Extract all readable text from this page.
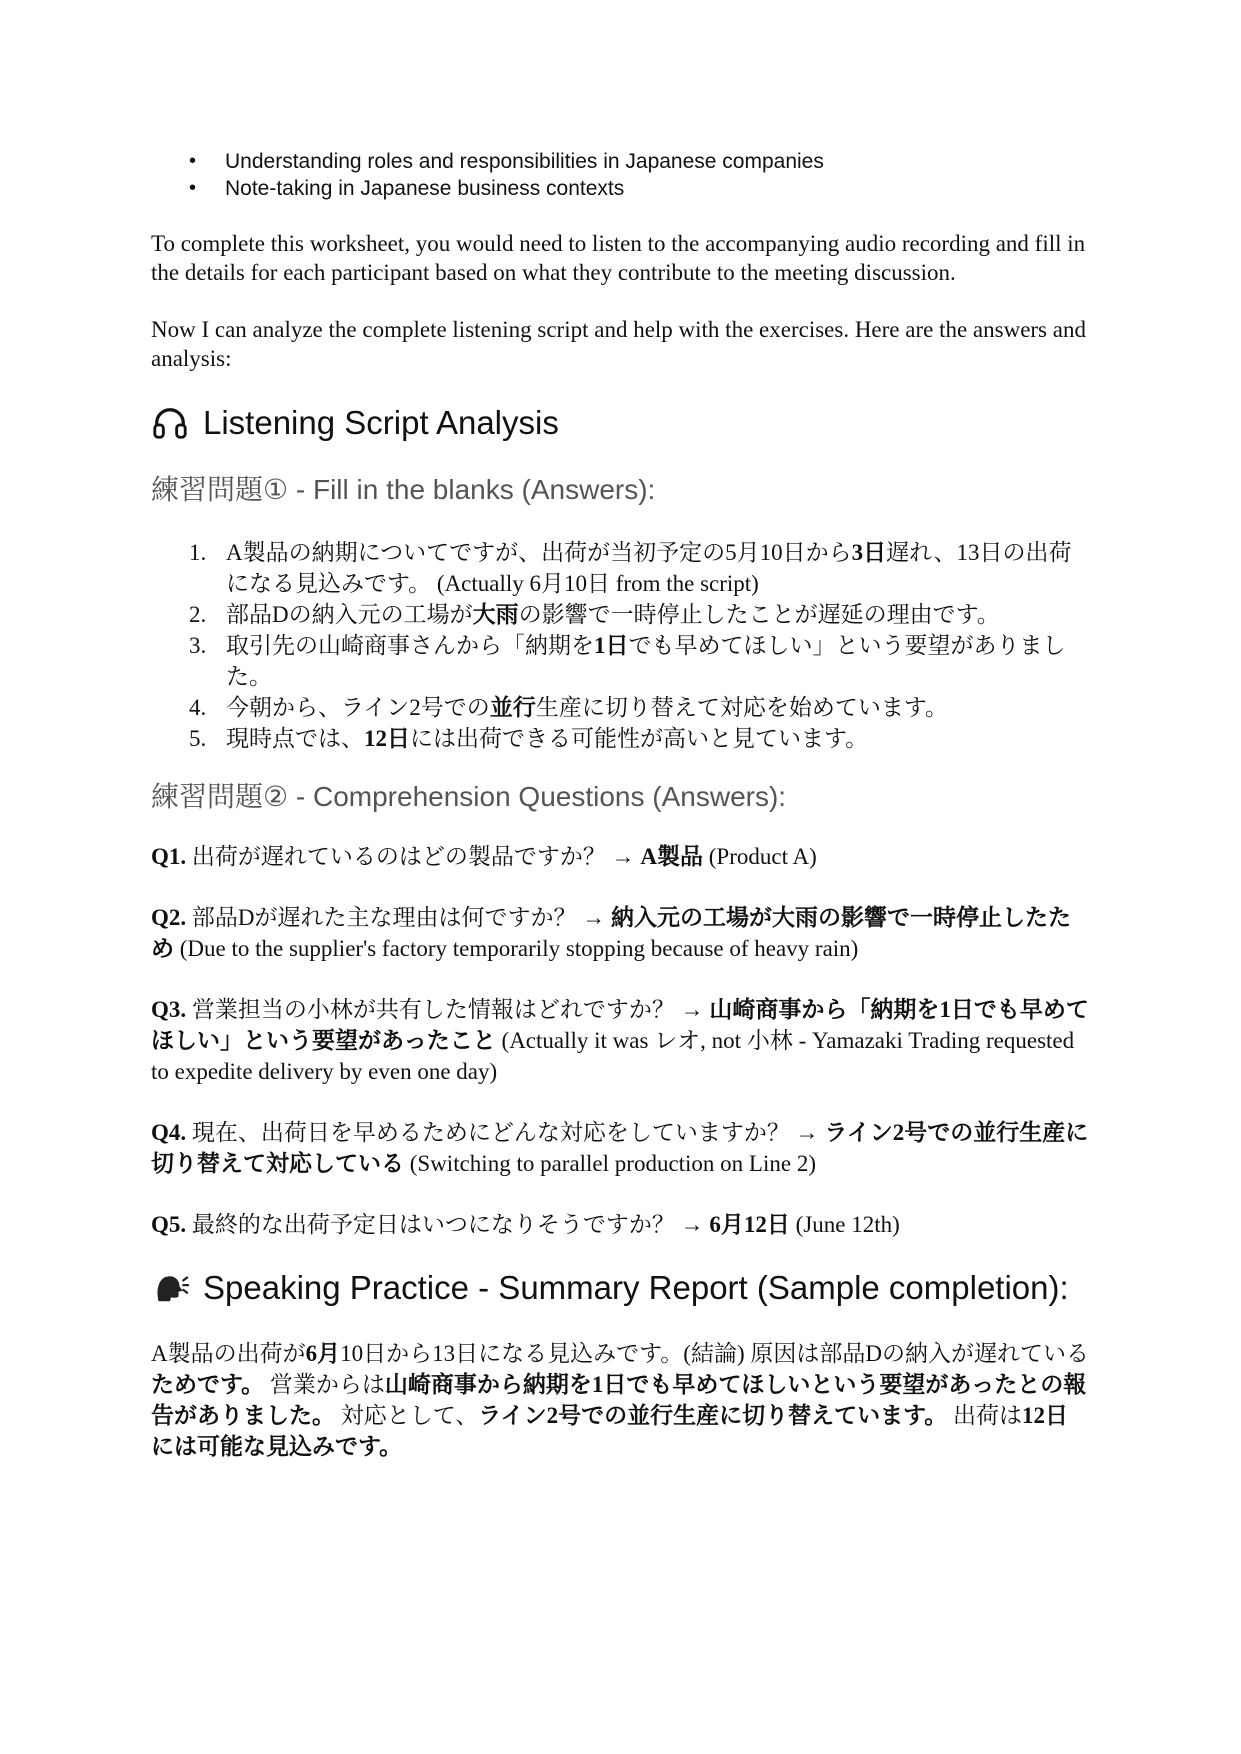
• Understanding roles and responsibilities in Japanese companies
• Note-taking in Japanese business contexts

To complete this worksheet, you would need to listen to the accompanying audio recording and fill in the details for each participant based on what they contribute to the meeting discussion.

Now I can analyze the complete listening script and help with the exercises. Here are the answers and analysis:

Listening Script Analysis
練習問題① - Fill in the blanks (Answers):
1. A製品の納期についてですが、出荷が当初予定の5月10日から3日遅れ、13日の出荷になる見込みです。 (Actually 6月10日 from the script)
2. 部品Dの納入元の工場が大雨の影響で一時停止したことが遅延の理由です。
3. 取引先の山崎商事さんから「納期を1日でも早めてほしい」という要望がありました。
4. 今朝から、ライン2号での並行生産に切り替えて対応を始めています。
5. 現時点では、12日には出荷できる可能性が高いと見ています。
練習問題② - Comprehension Questions (Answers):

Q1. 出荷が遅れているのはどの製品ですか？ → A製品 (Product A)

Q2. 部品Dが遅れた主な理由は何ですか？ → 納入元の工場が大雨の影響で一時停止したため (Due to the supplier's factory temporarily stopping because of heavy rain)

Q3. 営業担当の小林が共有した情報はどれですか？ → 山崎商事から「納期を1日でも早めてほしい」という要望があったこと (Actually it was レオ, not 小林 - Yamazaki Trading requested to expedite delivery by even one day)

Q4. 現在、出荷日を早めるためにどんな対応をしていますか？ → ライン2号での並行生産に切り替えて対応している (Switching to parallel production on Line 2)

Q5. 最終的な出荷予定日はいつになりそうですか？ → 6月12日 (June 12th)

Speaking Practice - Summary Report (Sample completion):

A製品の出荷が6月10日から13日になる見込みです。(結論) 原因は部品Dの納入が遅れているためです。 営業からは山崎商事から納期を1日でも早めてほしいという要望があったとの報告がありました。 対応として、ライン2号での並行生産に切り替えています。 出荷は12日には可能な見込みです。
